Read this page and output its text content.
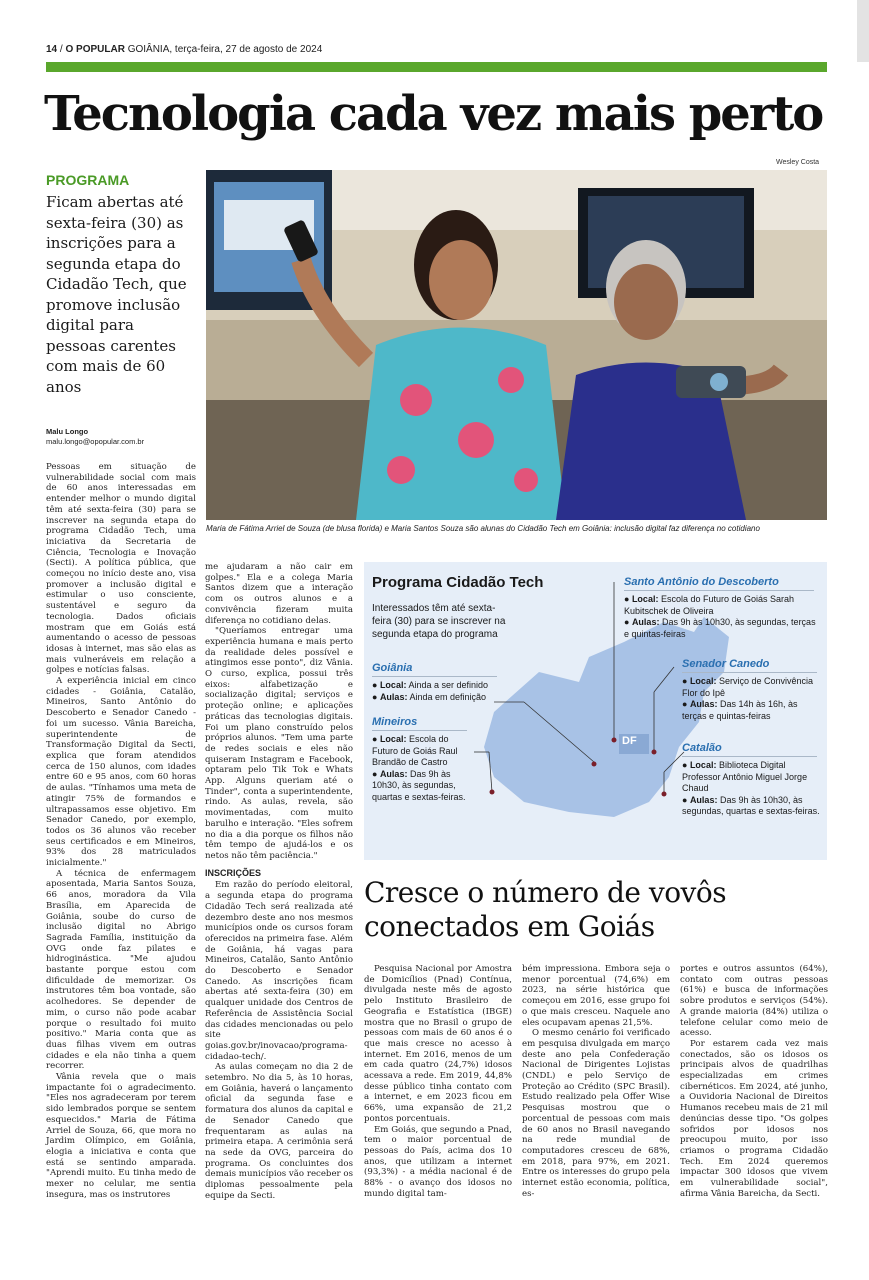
14 / O POPULAR GOIÂNIA, terça-feira, 27 de agosto de 2024
Tecnologia cada vez mais perto
Wesley Costa
PROGRAMA
Ficam abertas até sexta-feira (30) as inscrições para a segunda etapa do Cidadão Tech, que promove inclusão digital para pessoas carentes com mais de 60 anos
Malu Longo
malu.longo@opopular.com.br
Maria de Fátima Arriel de Souza (de blusa florida) e Maria Santos Souza são alunas do Cidadão Tech em Goiânia: inclusão digital faz diferença no cotidiano

Pessoas em situação de vulnerabilidade social com mais de 60 anos interessadas em entender melhor o mundo digital têm até sexta-feira (30) para se inscrever na segunda etapa do programa Cidadão Tech, uma iniciativa da Secretaria de Ciência, Tecnologia e Inovação (Secti). A política pública, que começou no início deste ano, visa promover a inclusão digital e estimular o uso consciente, sustentável e seguro da tecnologia. Dados oficiais mostram que em Goiás está aumentando o acesso de pessoas idosas à internet, mas são elas as mais vulneráveis em relação a golpes e notícias falsas.

A experiência inicial em cinco cidades - Goiânia, Catalão, Mineiros, Santo Antônio do Descoberto e Senador Canedo - foi um sucesso. Vânia Bareicha, superintendente de Transformação Digital da Secti, explica que foram atendidos cerca de 150 alunos, com idades entre 60 e 95 anos, com 60 horas de aulas. "Tínhamos uma meta de atingir 75% de formandos e ultrapassamos esse objetivo. Em Senador Canedo, por exemplo, todos os 36 alunos vão receber seus certificados e em Mineiros, 93% dos 28 matriculados inicialmente."

A técnica de enfermagem aposentada, Maria Santos Souza, 66 anos, moradora da Vila Brasília, em Aparecida de Goiânia, soube do curso de inclusão digital no Abrigo Sagrada Família, instituição da OVG onde faz pilates e hidroginástica. "Me ajudou bastante porque estou com dificuldade de memorizar. Os instrutores têm boa vontade, são acolhedores. Se depender de mim, o curso não pode acabar porque o resultado foi muito positivo." Maria conta que as duas filhas vivem em outras cidades e ela não tinha a quem recorrer.

Vânia revela que o mais impactante foi o agradecimento. "Eles nos agradeceram por terem sido lembrados porque se sentem esquecidos." Maria de Fátima Arriel de Souza, 66, que mora no Jardim Olímpico, em Goiânia, elogia a iniciativa e conta que está se sentindo amparada. "Aprendi muito. Eu tinha medo de mexer no celular, me sentia insegura, mas os instrutores

me ajudaram a não cair em golpes." Ela e a colega Maria Santos dizem que a interação com os outros alunos e a convivência fizeram muita diferença no cotidiano delas.

"Queríamos entregar uma experiência humana e mais perto da realidade deles possível e atingimos esse ponto", diz Vânia. O curso, explica, possui três eixos: alfabetização e socialização digital; serviços e proteção online; e aplicações práticas das tecnologias digitais. Foi um plano construído pelos próprios alunos. "Tem uma parte de redes sociais e eles não quiseram Instagram e Facebook, optaram pelo Tik Tok e Whats App. Alguns queriam até o Tinder", conta a superintendente, rindo. As aulas, revela, são movimentadas, com muito barulho e interação. "Eles sofrem no dia a dia porque os filhos não têm tempo de ajudá-los e os netos não têm paciência."

INSCRIÇÕES

Em razão do período eleitoral, a segunda etapa do programa Cidadão Tech será realizada até dezembro deste ano nos mesmos municípios onde os cursos foram oferecidos na primeira fase. Além de Goiânia, há vagas para Mineiros, Catalão, Santo Antônio do Descoberto e Senador Canedo. As inscrições ficam abertas até sexta-feira (30) em qualquer unidade dos Centros de Referência de Assistência Social das cidades mencionadas ou pelo site goias.gov.br/inovacao/programa-cidadao-tech/.

As aulas começam no dia 2 de setembro. No dia 5, às 10 horas, em Goiânia, haverá o lançamento oficial da segunda fase e formatura dos alunos da capital e de Senador Canedo que frequentaram as aulas na primeira etapa. A cerimônia será na sede da OVG, parceira do programa. Os concluintes dos demais municípios vão receber os diplomas pessoalmente pela equipe da Secti.

DF
Programa Cidadão Tech
Interessados têm até sexta-feira (30) para se inscrever na segunda etapa do programa
Goiânia
● Local: Ainda a ser definido
● Aulas: Ainda em definição
Mineiros
● Local: Escola do Futuro de Goiás Raul Brandão de Castro
● Aulas: Das 9h às 10h30, às segundas, quartas e sextas-feiras.
Santo Antônio do Descoberto
● Local: Escola do Futuro de Goiás Sarah Kubitschek de Oliveira
● Aulas: Das 9h às 10h30, às segundas, terças e quintas-feiras
Senador Canedo
● Local: Serviço de Convivência Flor do Ipê
● Aulas: Das 14h às 16h, às terças e quintas-feiras
Catalão
● Local: Biblioteca Digital Professor Antônio Miguel Jorge Chaud
● Aulas: Das 9h às 10h30, às segundas, quartas e sextas-feiras.
Cresce o número de vovôs conectados em Goiás

Pesquisa Nacional por Amostra de Domicílios (Pnad) Contínua, divulgada neste mês de agosto pelo Instituto Brasileiro de Geografia e Estatística (IBGE) mostra que no Brasil o grupo de pessoas com mais de 60 anos é o que mais cresce no acesso à internet. Em 2016, menos de um em cada quatro (24,7%) idosos acessava a rede. Em 2019, 44,8% desse público tinha contato com a internet, e em 2023 ficou em 66%, uma expansão de 21,2 pontos porcentuais.

Em Goiás, que segundo a Pnad, tem o maior porcentual de pessoas do País, acima dos 10 anos, que utilizam a internet (93,3%) - a média nacional é de 88% - o avanço dos idosos no mundo digital tam-

bém impressiona. Embora seja o menor porcentual (74,6%) em 2023, na série histórica que começou em 2016, esse grupo foi o que mais cresceu. Naquele ano eles ocupavam apenas 21,5%.

O mesmo cenário foi verificado em pesquisa divulgada em março deste ano pela Confederação Nacional de Dirigentes Lojistas (CNDL) e pelo Serviço de Proteção ao Crédito (SPC Brasil). Estudo realizado pela Offer Wise Pesquisas mostrou que o porcentual de pessoas com mais de 60 anos no Brasil navegando na rede mundial de computadores cresceu de 68%, em 2018, para 97%, em 2021. Entre os interesses do grupo pela internet estão economia, política, es-

portes e outros assuntos (64%), contato com outras pessoas (61%) e busca de informações sobre produtos e serviços (54%). A grande maioria (84%) utiliza o telefone celular como meio de acesso.

Por estarem cada vez mais conectados, são os idosos os principais alvos de quadrilhas especializadas em crimes cibernéticos. Em 2024, até junho, a Ouvidoria Nacional de Direitos Humanos recebeu mais de 21 mil denúncias desse tipo. "Os golpes sofridos por idosos nos preocupou muito, por isso criamos o programa Cidadão Tech. Em 2024 queremos impactar 300 idosos que vivem em vulnerabilidade social", afirma Vânia Bareicha, da Secti.
